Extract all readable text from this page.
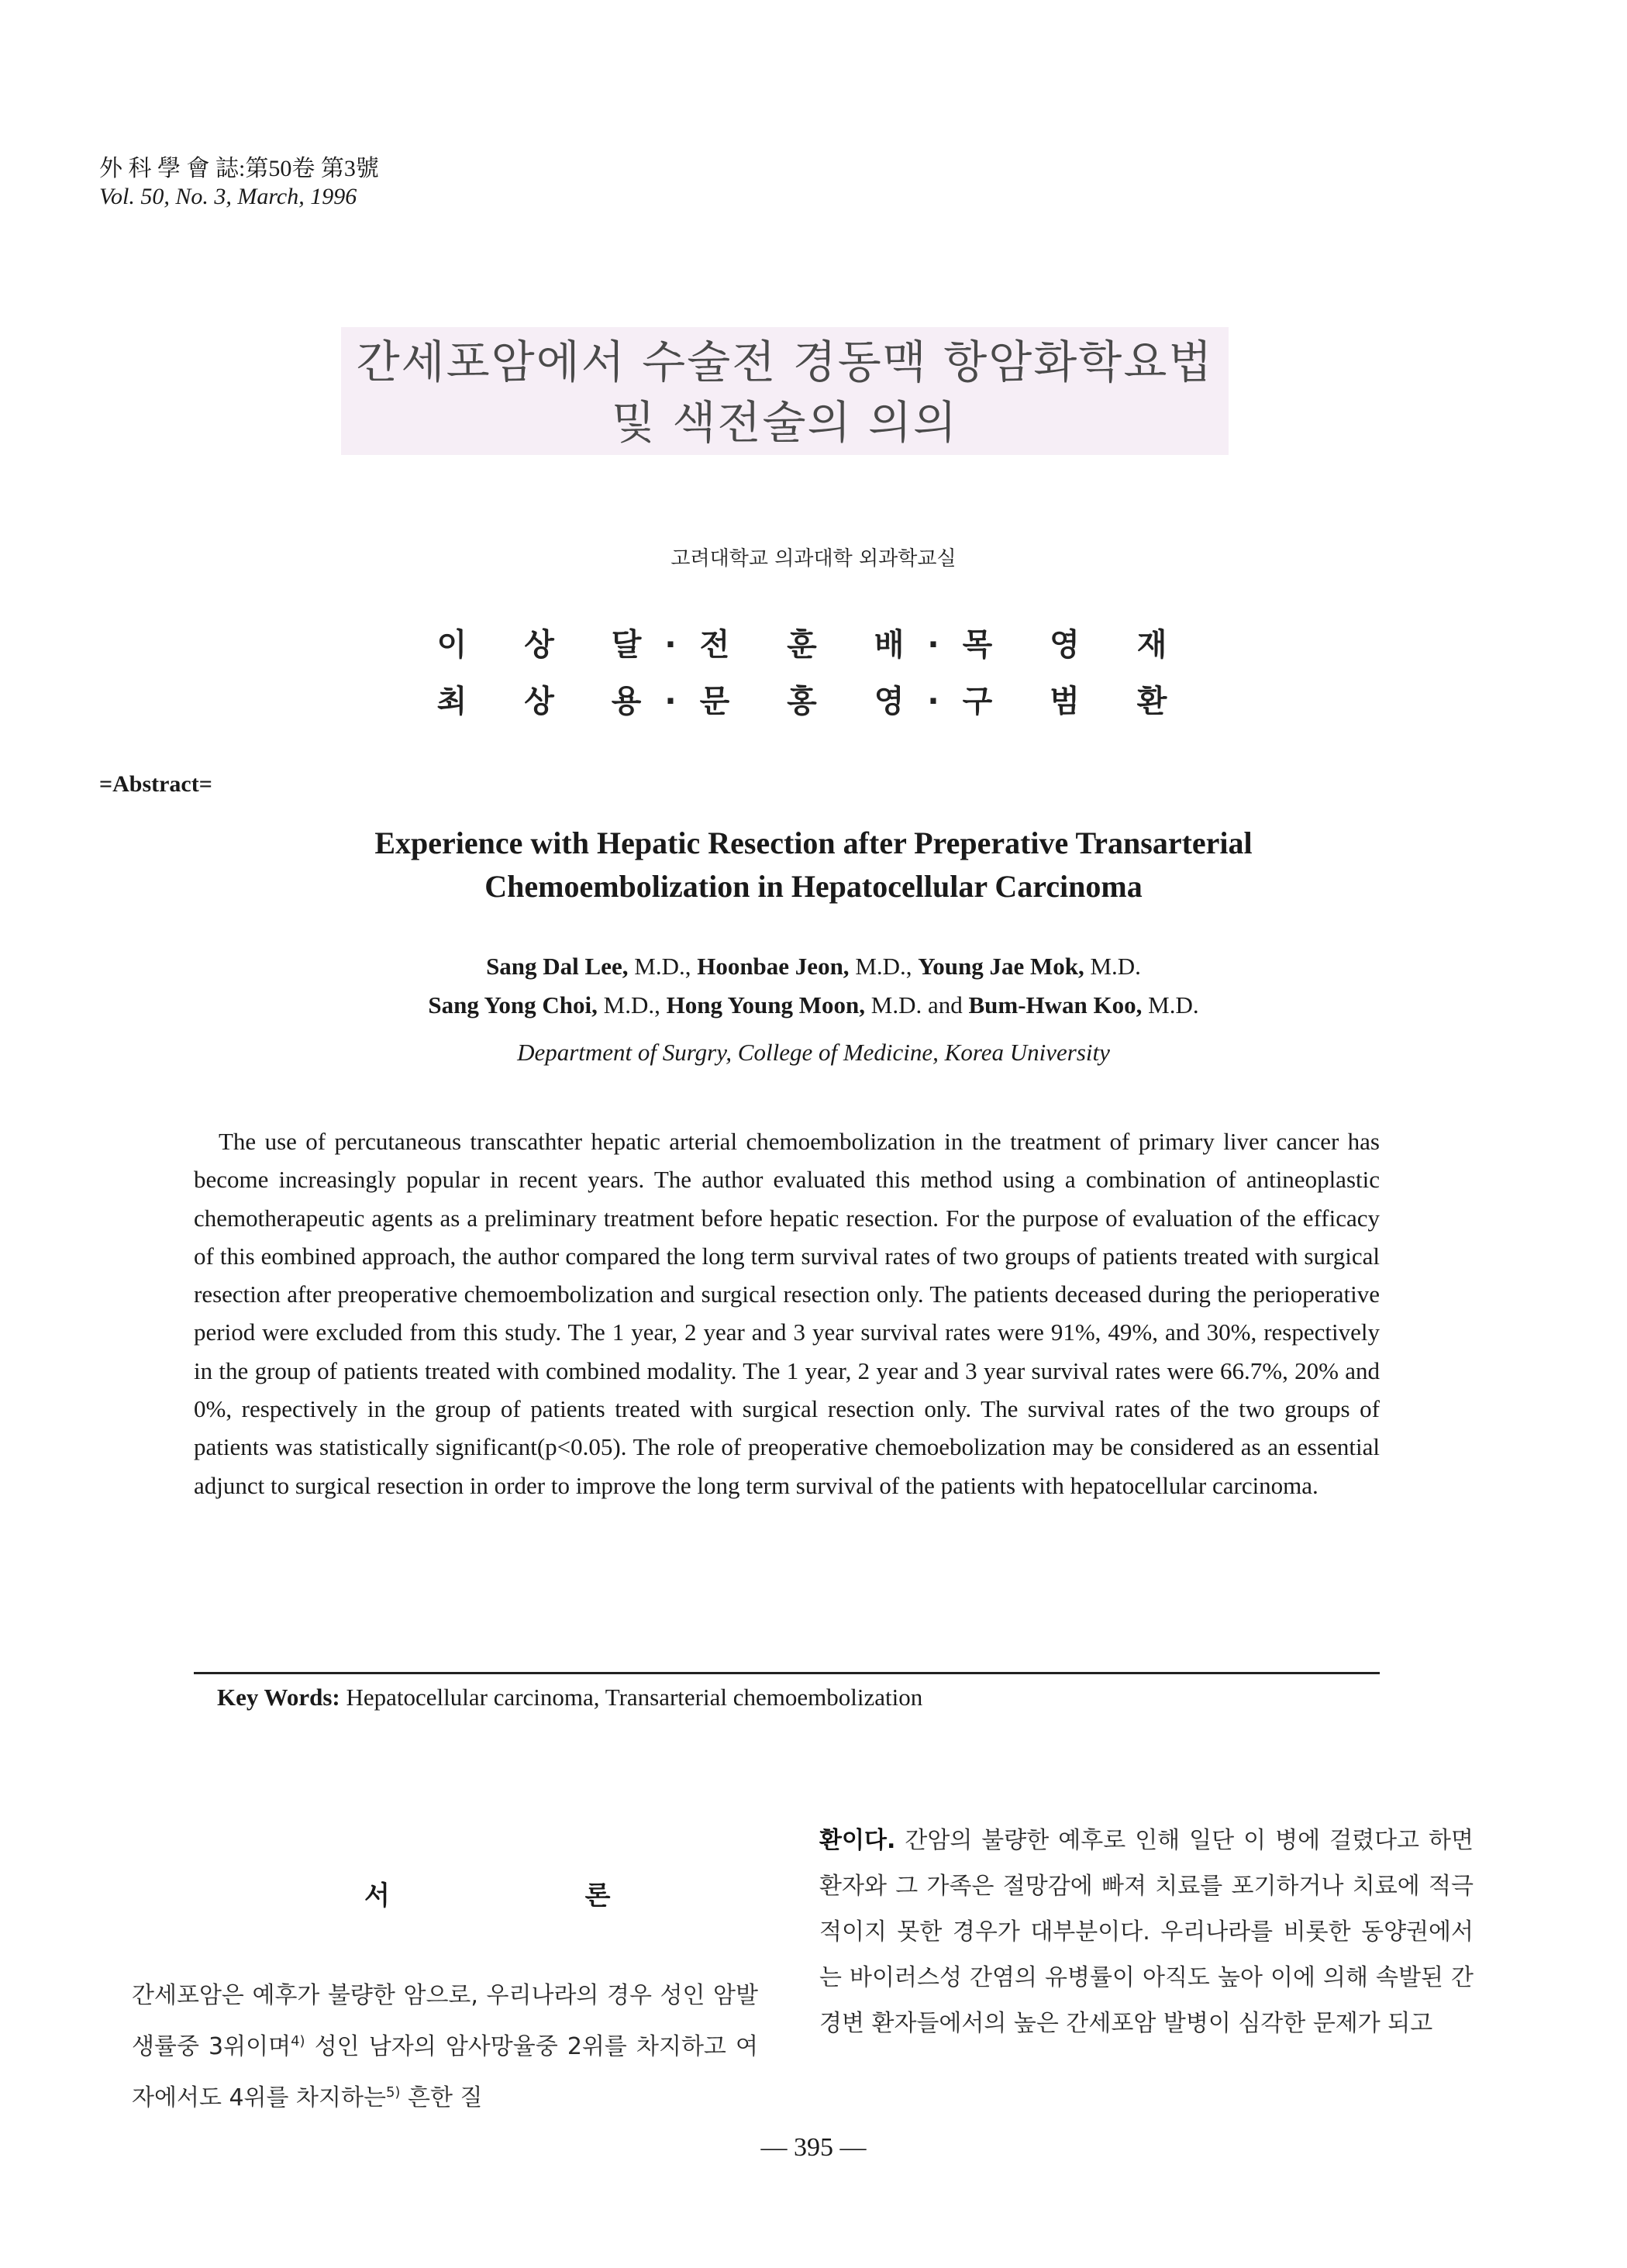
外 科 學 會 誌:第50卷 第3號
Vol. 50, No. 3, March, 1996
간세포암에서 수술전 경동맥 항암화학요법
및 색전술의 의의
고려대학교 의과대학 외과학교실
이 상 달·전 훈 배·목 영 재
최 상 용·문 홍 영·구 범 환
=Abstract=
Experience with Hepatic Resection after Preperative Transarterial
Chemoembolization in Hepatocellular Carcinoma
Sang Dal Lee, M.D., Hoonbae Jeon, M.D., Young Jae Mok, M.D.
Sang Yong Choi, M.D., Hong Young Moon, M.D. and Bum-Hwan Koo, M.D.
Department of Surgry, College of Medicine, Korea University
The use of percutaneous transcathter hepatic arterial chemoembolization in the treatment of primary liver cancer has become increasingly popular in recent years. The author evaluated this method using a combination of antineoplastic chemotherapeutic agents as a preliminary treatment before hepatic resection. For the purpose of evaluation of the efficacy of this eombined approach, the author compared the long term survival rates of two groups of patients treated with surgical resection after preoperative chemoembolization and surgical resection only. The patients deceased during the perioperative period were excluded from this study. The 1 year, 2 year and 3 year survival rates were 91%, 49%, and 30%, respectively in the group of patients treated with combined modality. The 1 year, 2 year and 3 year survival rates were 66.7%, 20% and 0%, respectively in the group of patients treated with surgical resection only. The survival rates of the two groups of patients was statistically significant(p<0.05). The role of preoperative chemoebolization may be considered as an essential adjunct to surgical resection in order to improve the long term survival of the patients with hepatocellular carcinoma.
Key Words: Hepatocellular carcinoma, Transarterial chemoembolization
서 론
간세포암은 예후가 불량한 암으로, 우리나라의 경우 성인 암발생률중 3위이며$^{4)}$ 성인 남자의 암사망율중 2위를 차지하고 여자에서도 4위를 차지하는$^{5)}$ 흔한 질
환이다. 간암의 불량한 예후로 인해 일단 이 병에 걸렸다고 하면 환자와 그 가족은 절망감에 빠져 치료를 포기하거나 치료에 적극적이지 못한 경우가 대부분이다. 우리나라를 비롯한 동양권에서는 바이러스성 간염의 유병률이 아직도 높아 이에 의해 속발된 간경변 환자들에서의 높은 간세포암 발병이 심각한 문제가 되고
— 395 —
